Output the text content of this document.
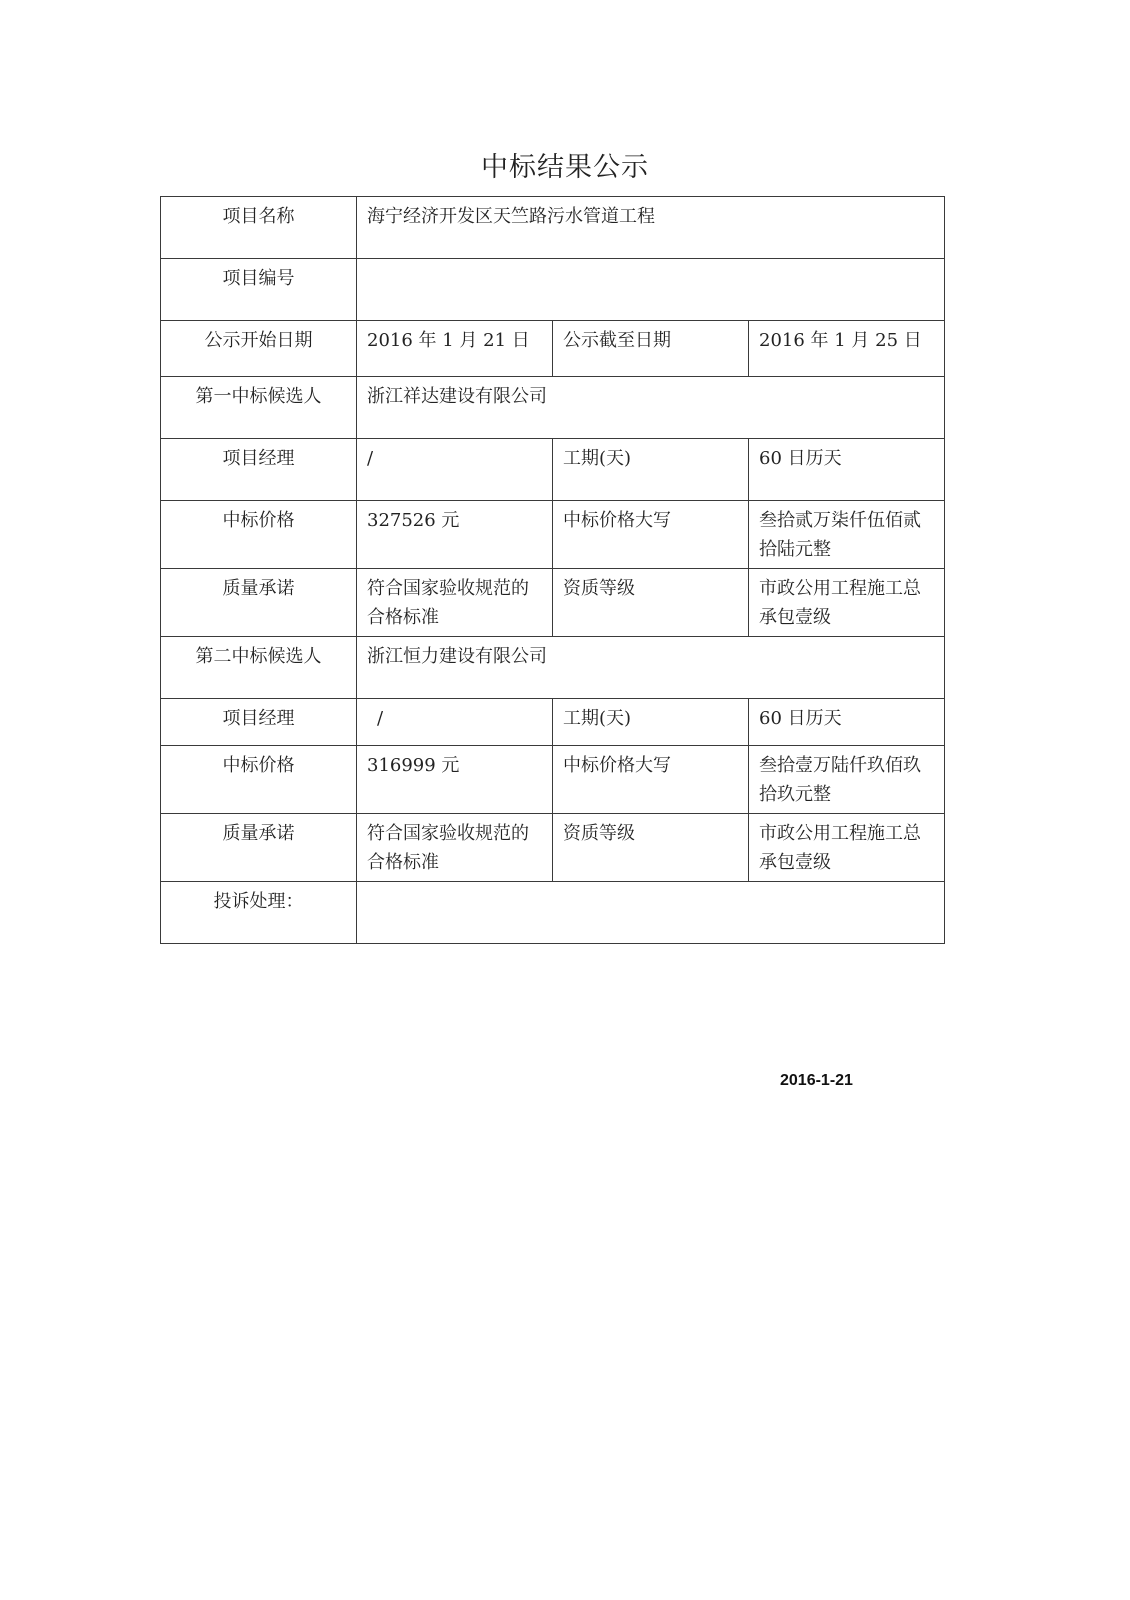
中标结果公示
项目名称	海宁经济开发区天竺路污水管道工程		
项目编号			
公示开始日期	2016 年 1 月 21 日	公示截至日期	2016 年 1 月 25 日
第一中标候选人	浙江祥达建设有限公司		
项目经理	/	工期(天)	60 日历天
中标价格	327526 元	中标价格大写	叁拾贰万柒仟伍佰贰拾陆元整
质量承诺	符合国家验收规范的合格标准	资质等级	市政公用工程施工总承包壹级
第二中标候选人	浙江恒力建设有限公司		
项目经理	/	工期(天)	60 日历天
中标价格	316999 元	中标价格大写	叁拾壹万陆仟玖佰玖拾玖元整
质量承诺	符合国家验收规范的合格标准	资质等级	市政公用工程施工总承包壹级
投诉处理：			
2016-1-21
